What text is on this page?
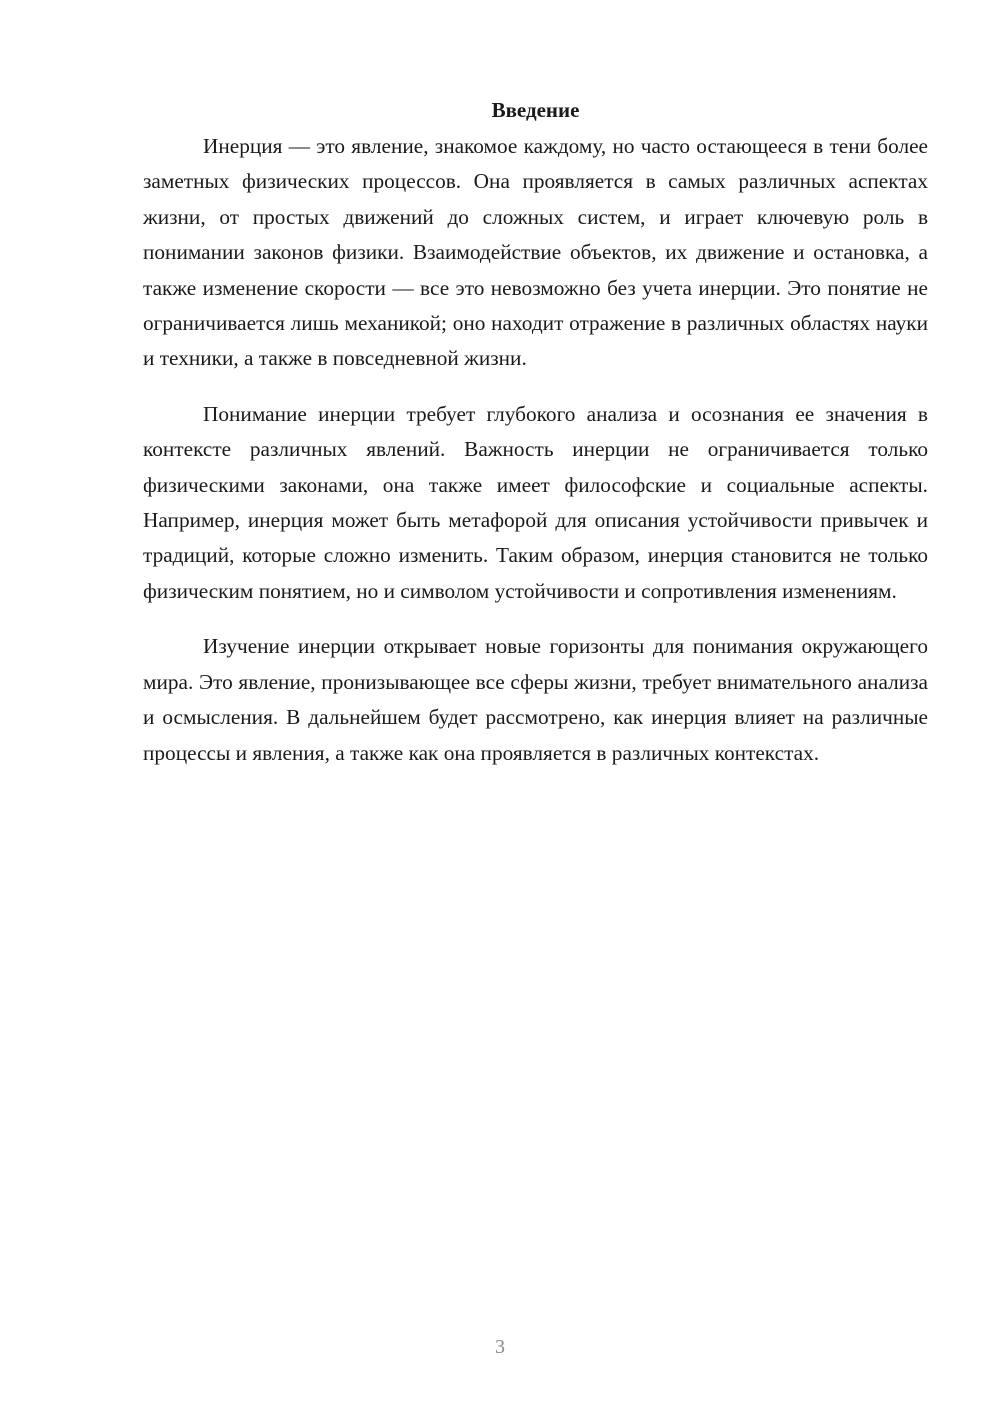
Введение

Инерция — это явление, знакомое каждому, но часто остающееся в тени более заметных физических процессов. Она проявляется в самых различных аспектах жизни, от простых движений до сложных систем, и играет ключевую роль в понимании законов физики. Взаимодействие объектов, их движение и остановка, а также изменение скорости — все это невозможно без учета инерции. Это понятие не ограничивается лишь механикой; оно находит отражение в различных областях науки и техники, а также в повседневной жизни.

Понимание инерции требует глубокого анализа и осознания ее значения в контексте различных явлений. Важность инерции не ограничивается только физическими законами, она также имеет философские и социальные аспекты. Например, инерция может быть метафорой для описания устойчивости привычек и традиций, которые сложно изменить. Таким образом, инерция становится не только физическим понятием, но и символом устойчивости и сопротивления изменениям.

Изучение инерции открывает новые горизонты для понимания окружающего мира. Это явление, пронизывающее все сферы жизни, требует внимательного анализа и осмысления. В дальнейшем будет рассмотрено, как инерция влияет на различные процессы и явления, а также как она проявляется в различных контекстах.

3
